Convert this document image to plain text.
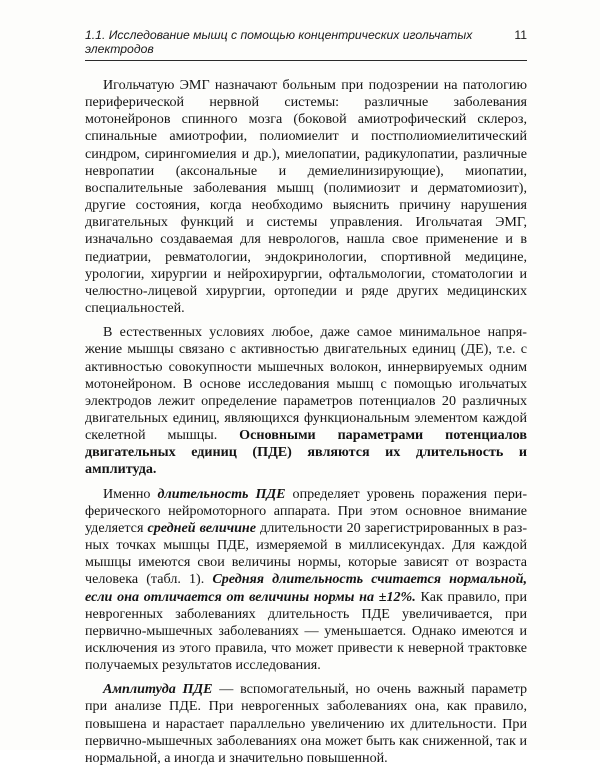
1.1. Исследование мышц с помощью концентрических игольчатых электродов
11

Игольчатую ЭМГ назначают больным при подозрении на патологию периферической нервной системы: различные заболевания мотонейронов спинного мозга (боковой амиотрофический склероз, спинальные амиотрофии, полиомиелит и постполиомиелитический синдром, сирингомиелия и др.), миелопатии, радикулопатии, различные невропатии (аксональные и демиелинизирующие), миопатии, воспалительные заболевания мышц (полимиозит и дерматомиозит), другие состояния, когда необходимо выяснить причину нарушения двигательных функций и системы управления. Игольчатая ЭМГ, изначально создаваемая для неврологов, нашла свое применение и в педиатрии, ревматологии, эндокринологии, спортивной медицине, урологии, хирургии и нейрохирургии, офтальмологии, стоматологии и челюстно-лицевой хирургии, ортопедии и ряде других медицинских специальностей.

В естественных условиях любое, даже самое минимальное напряжение мышцы связано с активностью двигательных единиц (ДЕ), т.е. с активностью совокупности мышечных волокон, иннервируемых одним мотонейроном. В основе исследования мышц с помощью игольчатых электродов лежит определение параметров потенциалов 20 различных двигательных единиц, являющихся функциональным элементом каждой скелетной мышцы. Основными параметрами потенциалов двигательных единиц (ПДЕ) являются их длительность и амплитуда.

Именно длительность ПДЕ определяет уровень поражения периферического нейромоторного аппарата. При этом основное внимание уделяется средней величине длительности 20 зарегистрированных в разных точках мышцы ПДЕ, измеряемой в миллисекундах. Для каждой мышцы имеются свои величины нормы, которые зависят от возраста человека (табл. 1). Средняя длительность считается нормальной, если она отличается от величины нормы на ±12%. Как правило, при неврогенных заболеваниях длительность ПДЕ увеличивается, при первично-мышечных заболеваниях — уменьшается. Однако имеются и исключения из этого правила, что может привести к неверной трактовке получаемых результатов исследования.

Амплитуда ПДЕ — вспомогательный, но очень важный параметр при анализе ПДЕ. При неврогенных заболеваниях она, как правило, повышена и нарастает параллельно увеличению их длительности. При первично-мышечных заболеваниях она может быть как сниженной, так и нормальной, а иногда и значительно повышенной.
